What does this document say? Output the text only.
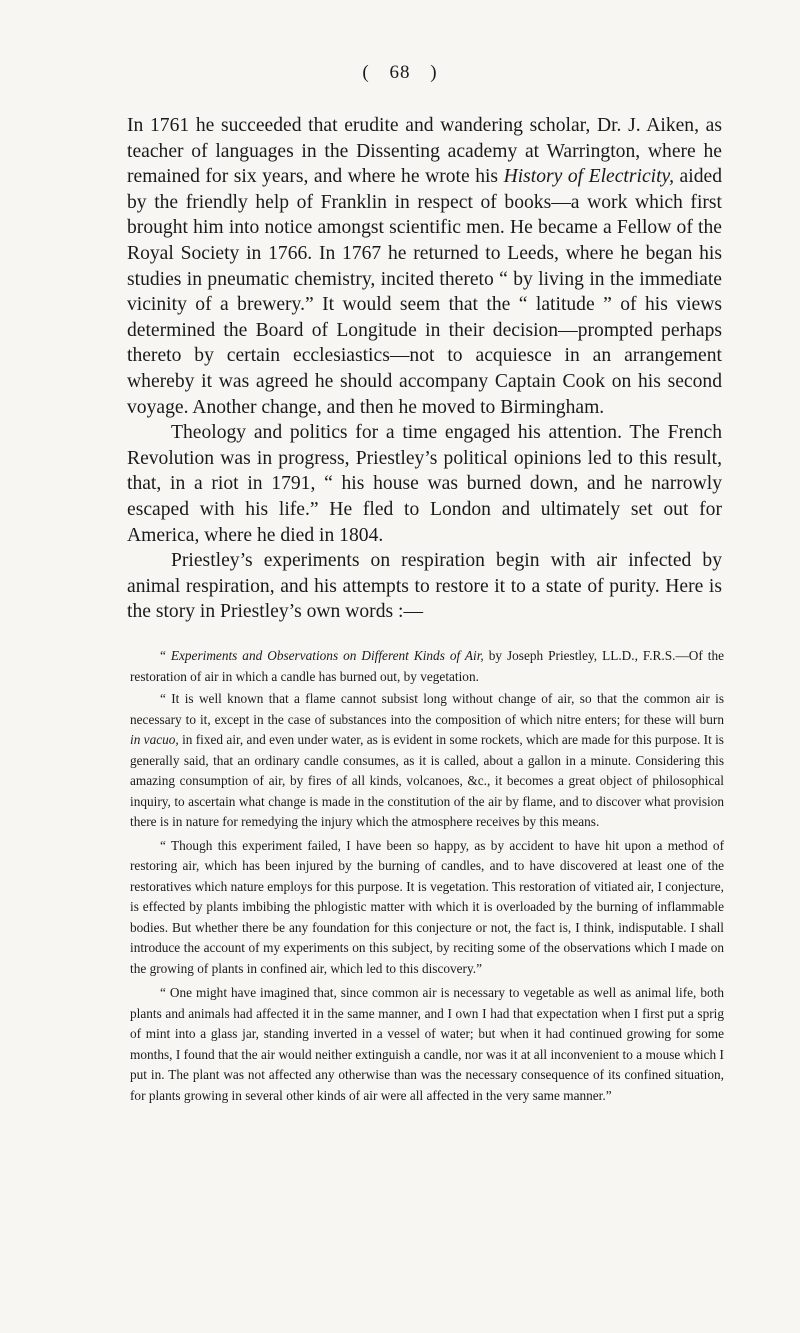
( 68 )

In 1761 he succeeded that erudite and wandering scholar, Dr. J. Aiken, as teacher of languages in the Dissenting academy at Warrington, where he remained for six years, and where he wrote his History of Electricity, aided by the friendly help of Franklin in respect of books—a work which first brought him into notice amongst scientific men. He became a Fellow of the Royal Society in 1766. In 1767 he returned to Leeds, where he began his studies in pneumatic chemistry, incited thereto “ by living in the immediate vicinity of a brewery.” It would seem that the “ latitude ” of his views determined the Board of Longitude in their decision—prompted perhaps thereto by certain ecclesiastics—not to acquiesce in an arrangement whereby it was agreed he should accompany Captain Cook on his second voyage. Another change, and then he moved to Birmingham.

Theology and politics for a time engaged his attention. The French Revolution was in progress, Priestley’s political opinions led to this result, that, in a riot in 1791, “ his house was burned down, and he narrowly escaped with his life.” He fled to London and ultimately set out for America, where he died in 1804.

Priestley’s experiments on respiration begin with air infected by animal respiration, and his attempts to restore it to a state of purity. Here is the story in Priestley’s own words :—

“ Experiments and Observations on Different Kinds of Air, by Joseph Priestley, LL.D., F.R.S.—Of the restoration of air in which a candle has burned out, by vegetation.

“ It is well known that a flame cannot subsist long without change of air, so that the common air is necessary to it, except in the case of substances into the composition of which nitre enters; for these will burn in vacuo, in fixed air, and even under water, as is evident in some rockets, which are made for this purpose. It is generally said, that an ordinary candle consumes, as it is called, about a gallon in a minute. Considering this amazing consumption of air, by fires of all kinds, volcanoes, &c., it becomes a great object of philosophical inquiry, to ascertain what change is made in the constitution of the air by flame, and to discover what provision there is in nature for remedying the injury which the atmosphere receives by this means.

“ Though this experiment failed, I have been so happy, as by accident to have hit upon a method of restoring air, which has been injured by the burning of candles, and to have discovered at least one of the restoratives which nature employs for this purpose. It is vegetation. This restoration of vitiated air, I conjecture, is effected by plants imbibing the phlogistic matter with which it is overloaded by the burning of inflammable bodies. But whether there be any foundation for this conjecture or not, the fact is, I think, indisputable. I shall introduce the account of my experiments on this subject, by reciting some of the observations which I made on the growing of plants in confined air, which led to this discovery.”

“ One might have imagined that, since common air is necessary to vegetable as well as animal life, both plants and animals had affected it in the same manner, and I own I had that expectation when I first put a sprig of mint into a glass jar, standing inverted in a vessel of water; but when it had continued growing for some months, I found that the air would neither extinguish a candle, nor was it at all inconvenient to a mouse which I put in. The plant was not affected any otherwise than was the necessary consequence of its confined situation, for plants growing in several other kinds of air were all affected in the very same manner.”
